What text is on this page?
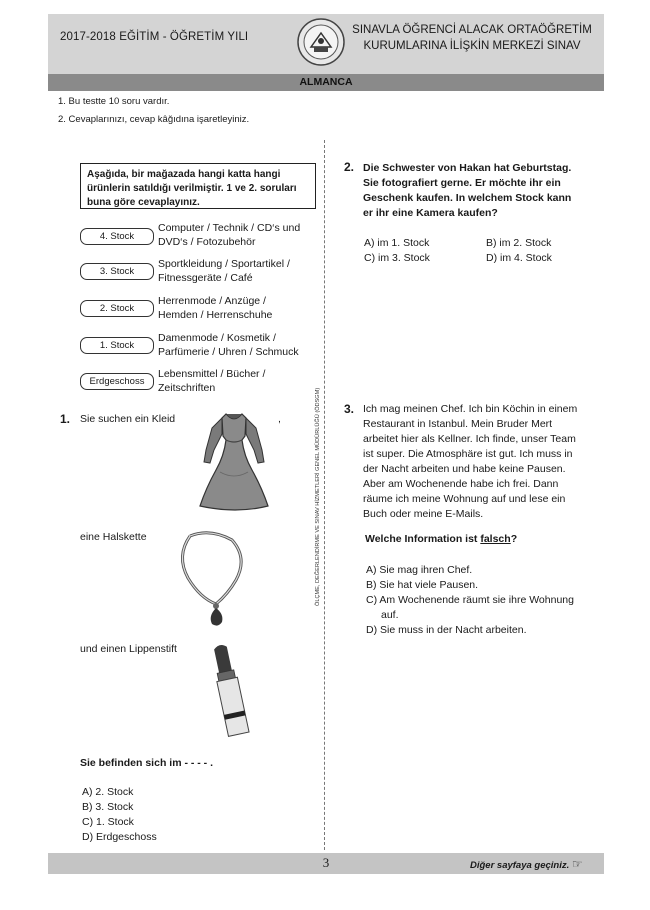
2017-2018 EĞİTİM - ÖĞRETİM YILI
SINAVLA ÖĞRENCİ ALACAK ORTAÖĞRETİM
KURUMLARINA İLİŞKİN MERKEZİ SINAV
ALMANCA
1. Bu testte 10 soru vardır.
2. Cevaplarınızı, cevap kâğıdına işaretleyiniz.
ÖLÇME, DEĞERLENDİRME VE SINAV HİZMETLERİ GENEL MÜDÜRLÜĞÜ (ÖDSGM)
Aşağıda, bir mağazada hangi katta hangi ürünlerin satıldığı verilmiştir. 1 ve 2. soruları buna göre cevaplayınız.
4. Stock
Computer / Technik / CD‘s und
DVD‘s / Fotozubehör
3. Stock
Sportkleidung / Sportartikel /
Fitnessgeräte / Café
2. Stock
Herrenmode / Anzüge /
Hemden / Herrenschuhe
1. Stock
Damenmode / Kosmetik /
Parfümerie / Uhren / Schmuck
Erdgeschoss
Lebensmittel / Bücher /
Zeitschriften
1. Sie suchen ein Kleid	,
eine Halskette
und einen Lippenstift
Sie befinden sich im - - - - .
A) 2. Stock
B) 3. Stock
C) 1. Stock
D) Erdgeschoss
2. Die Schwester von Hakan hat Geburtstag.
Sie fotografiert gerne. Er möchte ihr ein
Geschenk kaufen. In welchem Stock kann
er ihr eine Kamera kaufen?
A) im 1. Stock	B) im 2. Stock
C) im 3. Stock	D) im 4. Stock
3. Ich mag meinen Chef. Ich bin Köchin in einem
Restaurant in Istanbul. Mein Bruder Mert
arbeitet hier als Kellner. Ich finde, unser Team
ist super. Die Atmosphäre ist gut. Ich muss in
der Nacht arbeiten und habe keine Pausen.
Aber am Wochenende habe ich frei. Dann
räume ich meine Wohnung auf und lese ein
Buch oder meine E-Mails.
Welche Information ist falsch?
A) Sie mag ihren Chef.
B) Sie hat viele Pausen.
C) Am Wochenende räumt sie ihre Wohnung
auf.
D) Sie muss in der Nacht arbeiten.
3	Diğer sayfaya geçiniz. ☞
